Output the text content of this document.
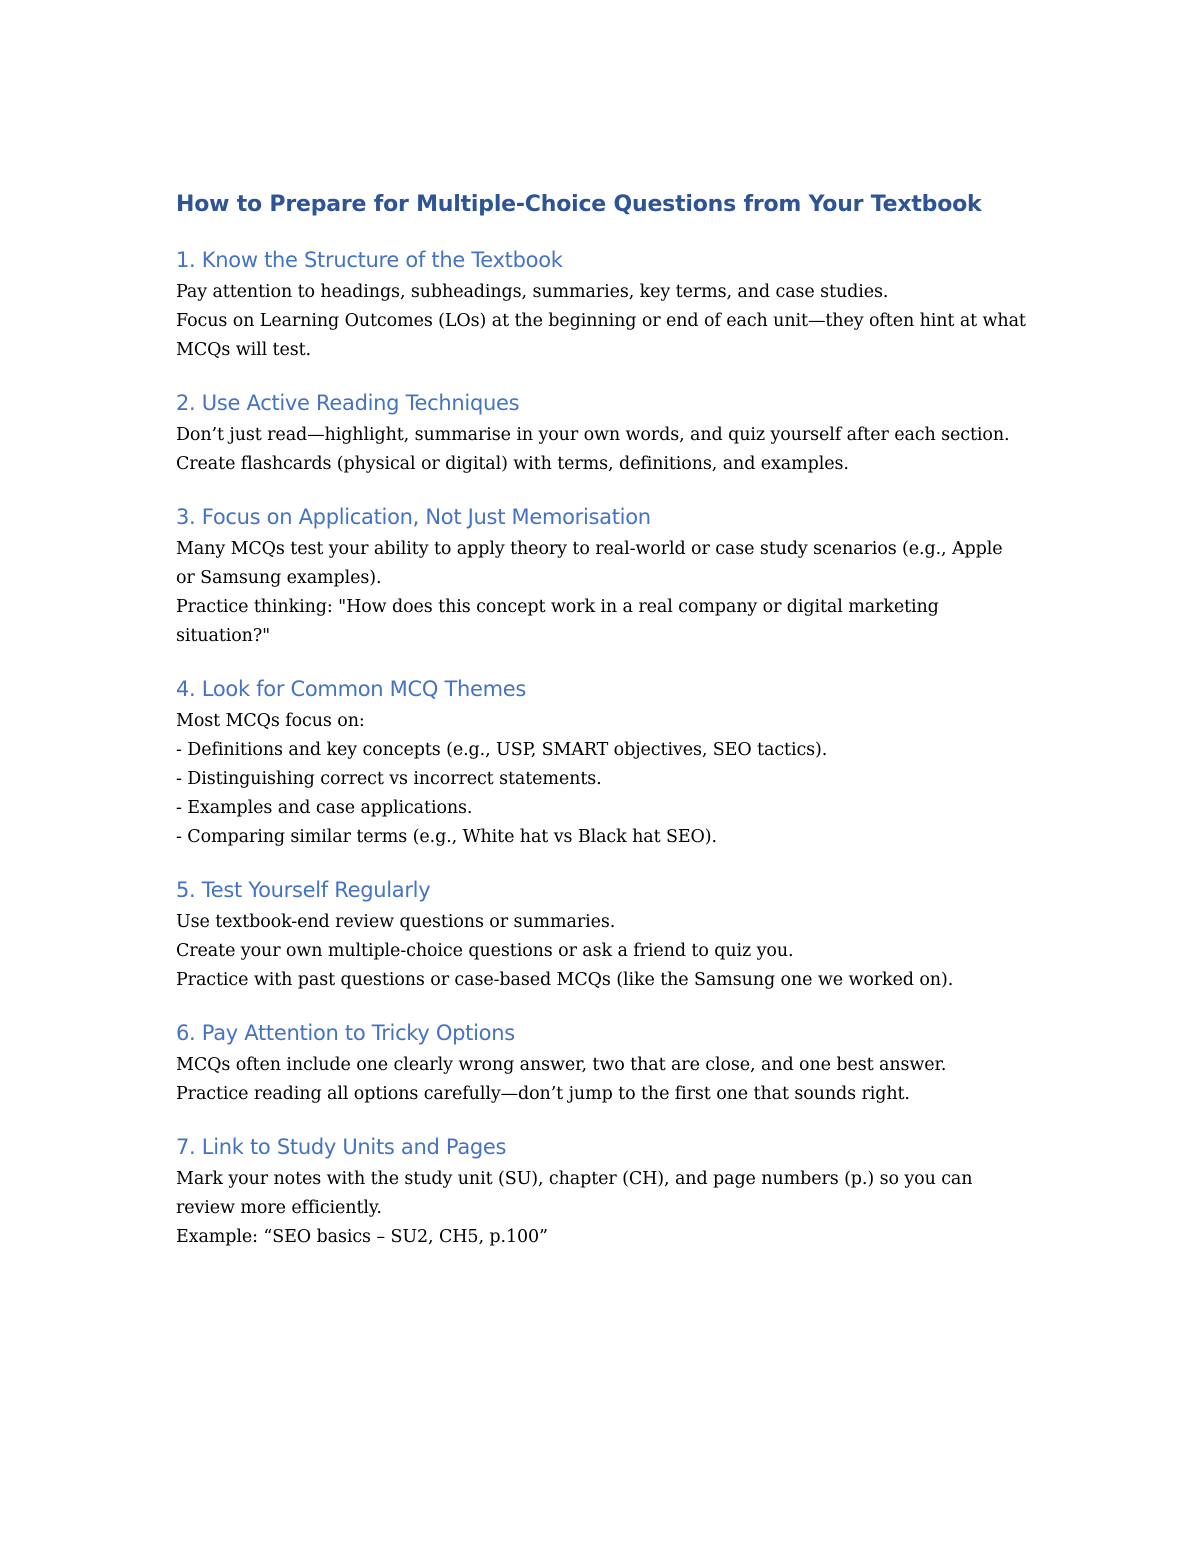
How to Prepare for Multiple-Choice Questions from Your Textbook
1. Know the Structure of the Textbook

Pay attention to headings, subheadings, summaries, key terms, and case studies.

Focus on Learning Outcomes (LOs) at the beginning or end of each unit—they often hint at what MCQs will test.

2. Use Active Reading Techniques

Don’t just read—highlight, summarise in your own words, and quiz yourself after each section.

Create flashcards (physical or digital) with terms, definitions, and examples.

3. Focus on Application, Not Just Memorisation

Many MCQs test your ability to apply theory to real-world or case study scenarios (e.g., Apple or Samsung examples).

Practice thinking: "How does this concept work in a real company or digital marketing situation?"

4. Look for Common MCQ Themes

Most MCQs focus on:

- Definitions and key concepts (e.g., USP, SMART objectives, SEO tactics).

- Distinguishing correct vs incorrect statements.

- Examples and case applications.

- Comparing similar terms (e.g., White hat vs Black hat SEO).

5. Test Yourself Regularly

Use textbook-end review questions or summaries.

Create your own multiple-choice questions or ask a friend to quiz you.

Practice with past questions or case-based MCQs (like the Samsung one we worked on).

6. Pay Attention to Tricky Options

MCQs often include one clearly wrong answer, two that are close, and one best answer.

Practice reading all options carefully—don’t jump to the first one that sounds right.

7. Link to Study Units and Pages

Mark your notes with the study unit (SU), chapter (CH), and page numbers (p.) so you can review more efficiently.

Example: “SEO basics – SU2, CH5, p.100”
